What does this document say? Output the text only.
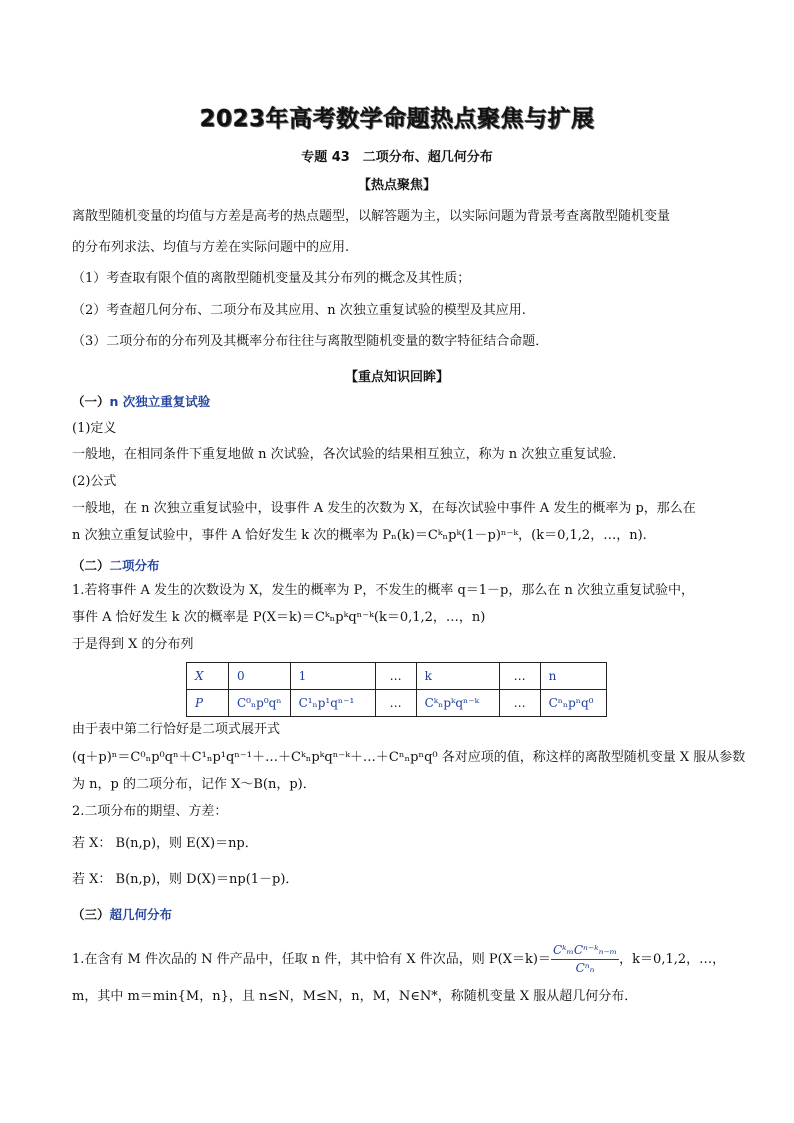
2023年高考数学命题热点聚焦与扩展
专题 43　二项分布、超几何分布
【热点聚焦】
离散型随机变量的均值与方差是高考的热点题型，以解答题为主，以实际问题为背景考查离散型随机变量
的分布列求法、均值与方差在实际问题中的应用.
（1）考查取有限个值的离散型随机变量及其分布列的概念及其性质；
（2）考查超几何分布、二项分布及其应用、n 次独立重复试验的模型及其应用.
（3）二项分布的分布列及其概率分布往往与离散型随机变量的数字特征结合命题．
【重点知识回眸】
（一）n 次独立重复试验
(1)定义
一般地，在相同条件下重复地做 n 次试验，各次试验的结果相互独立，称为 n 次独立重复试验．
(2)公式
一般地，在 n 次独立重复试验中，设事件 A 发生的次数为 X，在每次试验中事件 A 发生的概率为 p，那么在
n 次独立重复试验中，事件 A 恰好发生 k 次的概率为 Pₙ(k)＝Cᵏₙpᵏ(1－p)ⁿ⁻ᵏ，(k＝0,1,2，…，n).
（二）二项分布
1.若将事件 A 发生的次数设为 X，发生的概率为 P，不发生的概率 q＝1－p，那么在 n 次独立重复试验中，
事件 A 恰好发生 k 次的概率是 P(X＝k)＝Cᵏₙpᵏqⁿ⁻ᵏ(k＝0,1,2，…，n)
于是得到 X 的分布列
X	0	1	…	k	…	n
P	C⁰ₙp⁰qⁿ	C¹ₙp¹qⁿ⁻¹	…	Cᵏₙpᵏqⁿ⁻ᵏ	…	Cⁿₙpⁿq⁰
由于表中第二行恰好是二项式展开式
(q＋p)ⁿ＝C⁰ₙp⁰qⁿ＋C¹ₙp¹qⁿ⁻¹＋…＋Cᵏₙpᵏqⁿ⁻ᵏ＋…＋Cⁿₙpⁿq⁰ 各对应项的值，称这样的离散型随机变量 X 服从参数
为 n，p 的二项分布，记作 X～B(n，p)．
2.二项分布的期望、方差：
若 X： B(n,p)，则 E(X)＝np．
若 X： B(n,p)，则 D(X)＝np(1－p)．
（三）超几何分布
1.在含有 M 件次品的 N 件产品中，任取 n 件，其中恰有 X 件次品，则 $P(X=k)= \frac{\text{CᵏₘCⁿ⁻ᵏₙ₋ₘ}}{\text{Cⁿₙ}}$ ，k＝0,1,2，…，
m，其中 m＝min{M，n}，且 n≤N，M≤N，n，M，N∈N*，称随机变量 X 服从超几何分布．
